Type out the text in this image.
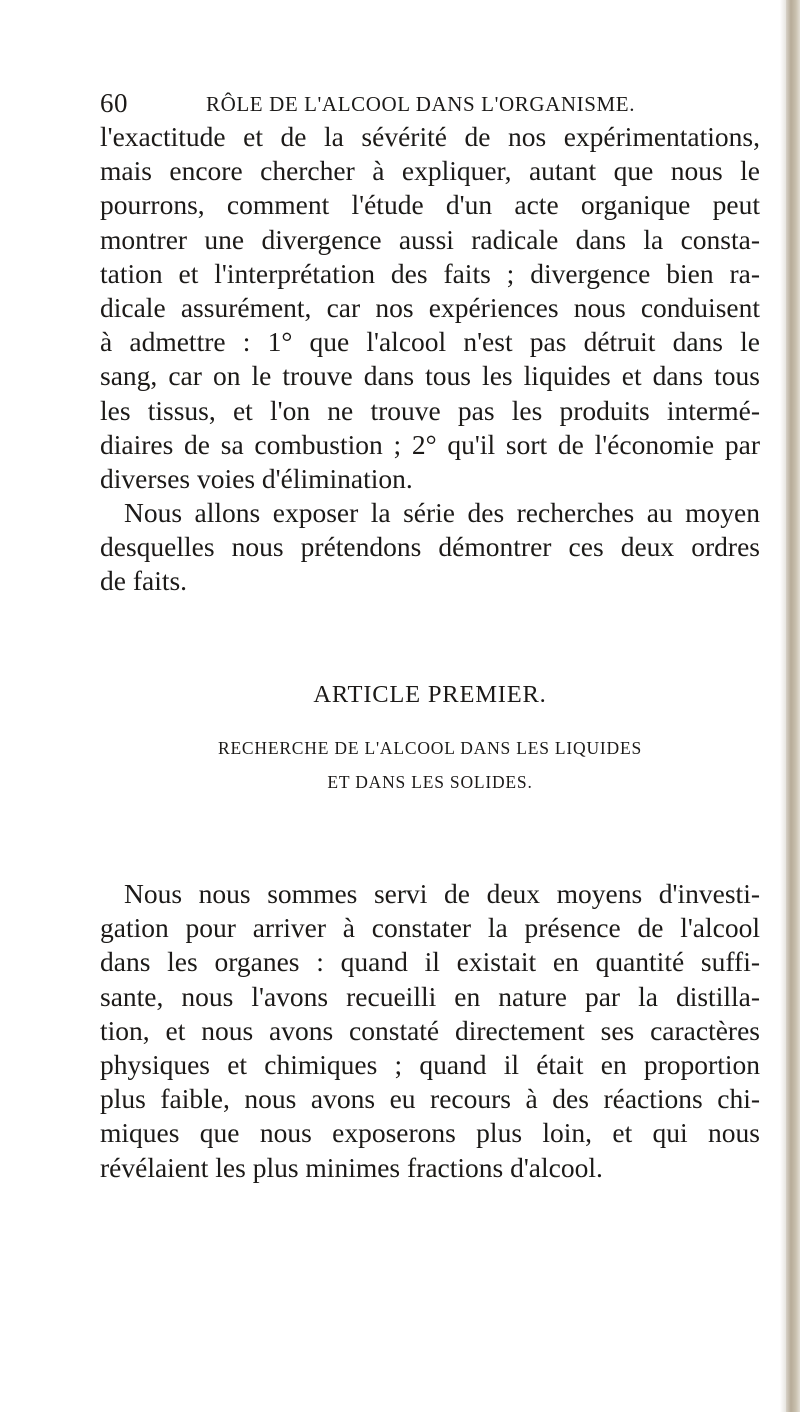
60	RÔLE DE L'ALCOOL DANS L'ORGANISME.
l'exactitude et de la sévérité de nos expérimentations,
mais encore chercher à expliquer, autant que nous le
pourrons, comment l'étude d'un acte organique peut
montrer une divergence aussi radicale dans la consta-
tation et l'interprétation des faits ; divergence bien ra-
dicale assurément, car nos expériences nous conduisent
à admettre : 1° que l'alcool n'est pas détruit dans le
sang, car on le trouve dans tous les liquides et dans tous
les tissus, et l'on ne trouve pas les produits intermé-
diaires de sa combustion ; 2° qu'il sort de l'économie par
diverses voies d'élimination.
Nous allons exposer la série des recherches au moyen
desquelles nous prétendons démontrer ces deux ordres
de faits.
ARTICLE PREMIER.
RECHERCHE DE L'ALCOOL DANS LES LIQUIDES
ET DANS LES SOLIDES.
Nous nous sommes servi de deux moyens d'investi-
gation pour arriver à constater la présence de l'alcool
dans les organes : quand il existait en quantité suffi-
sante, nous l'avons recueilli en nature par la distilla-
tion, et nous avons constaté directement ses caractères
physiques et chimiques ; quand il était en proportion
plus faible, nous avons eu recours à des réactions chi-
miques que nous exposerons plus loin, et qui nous
révélaient les plus minimes fractions d'alcool.
